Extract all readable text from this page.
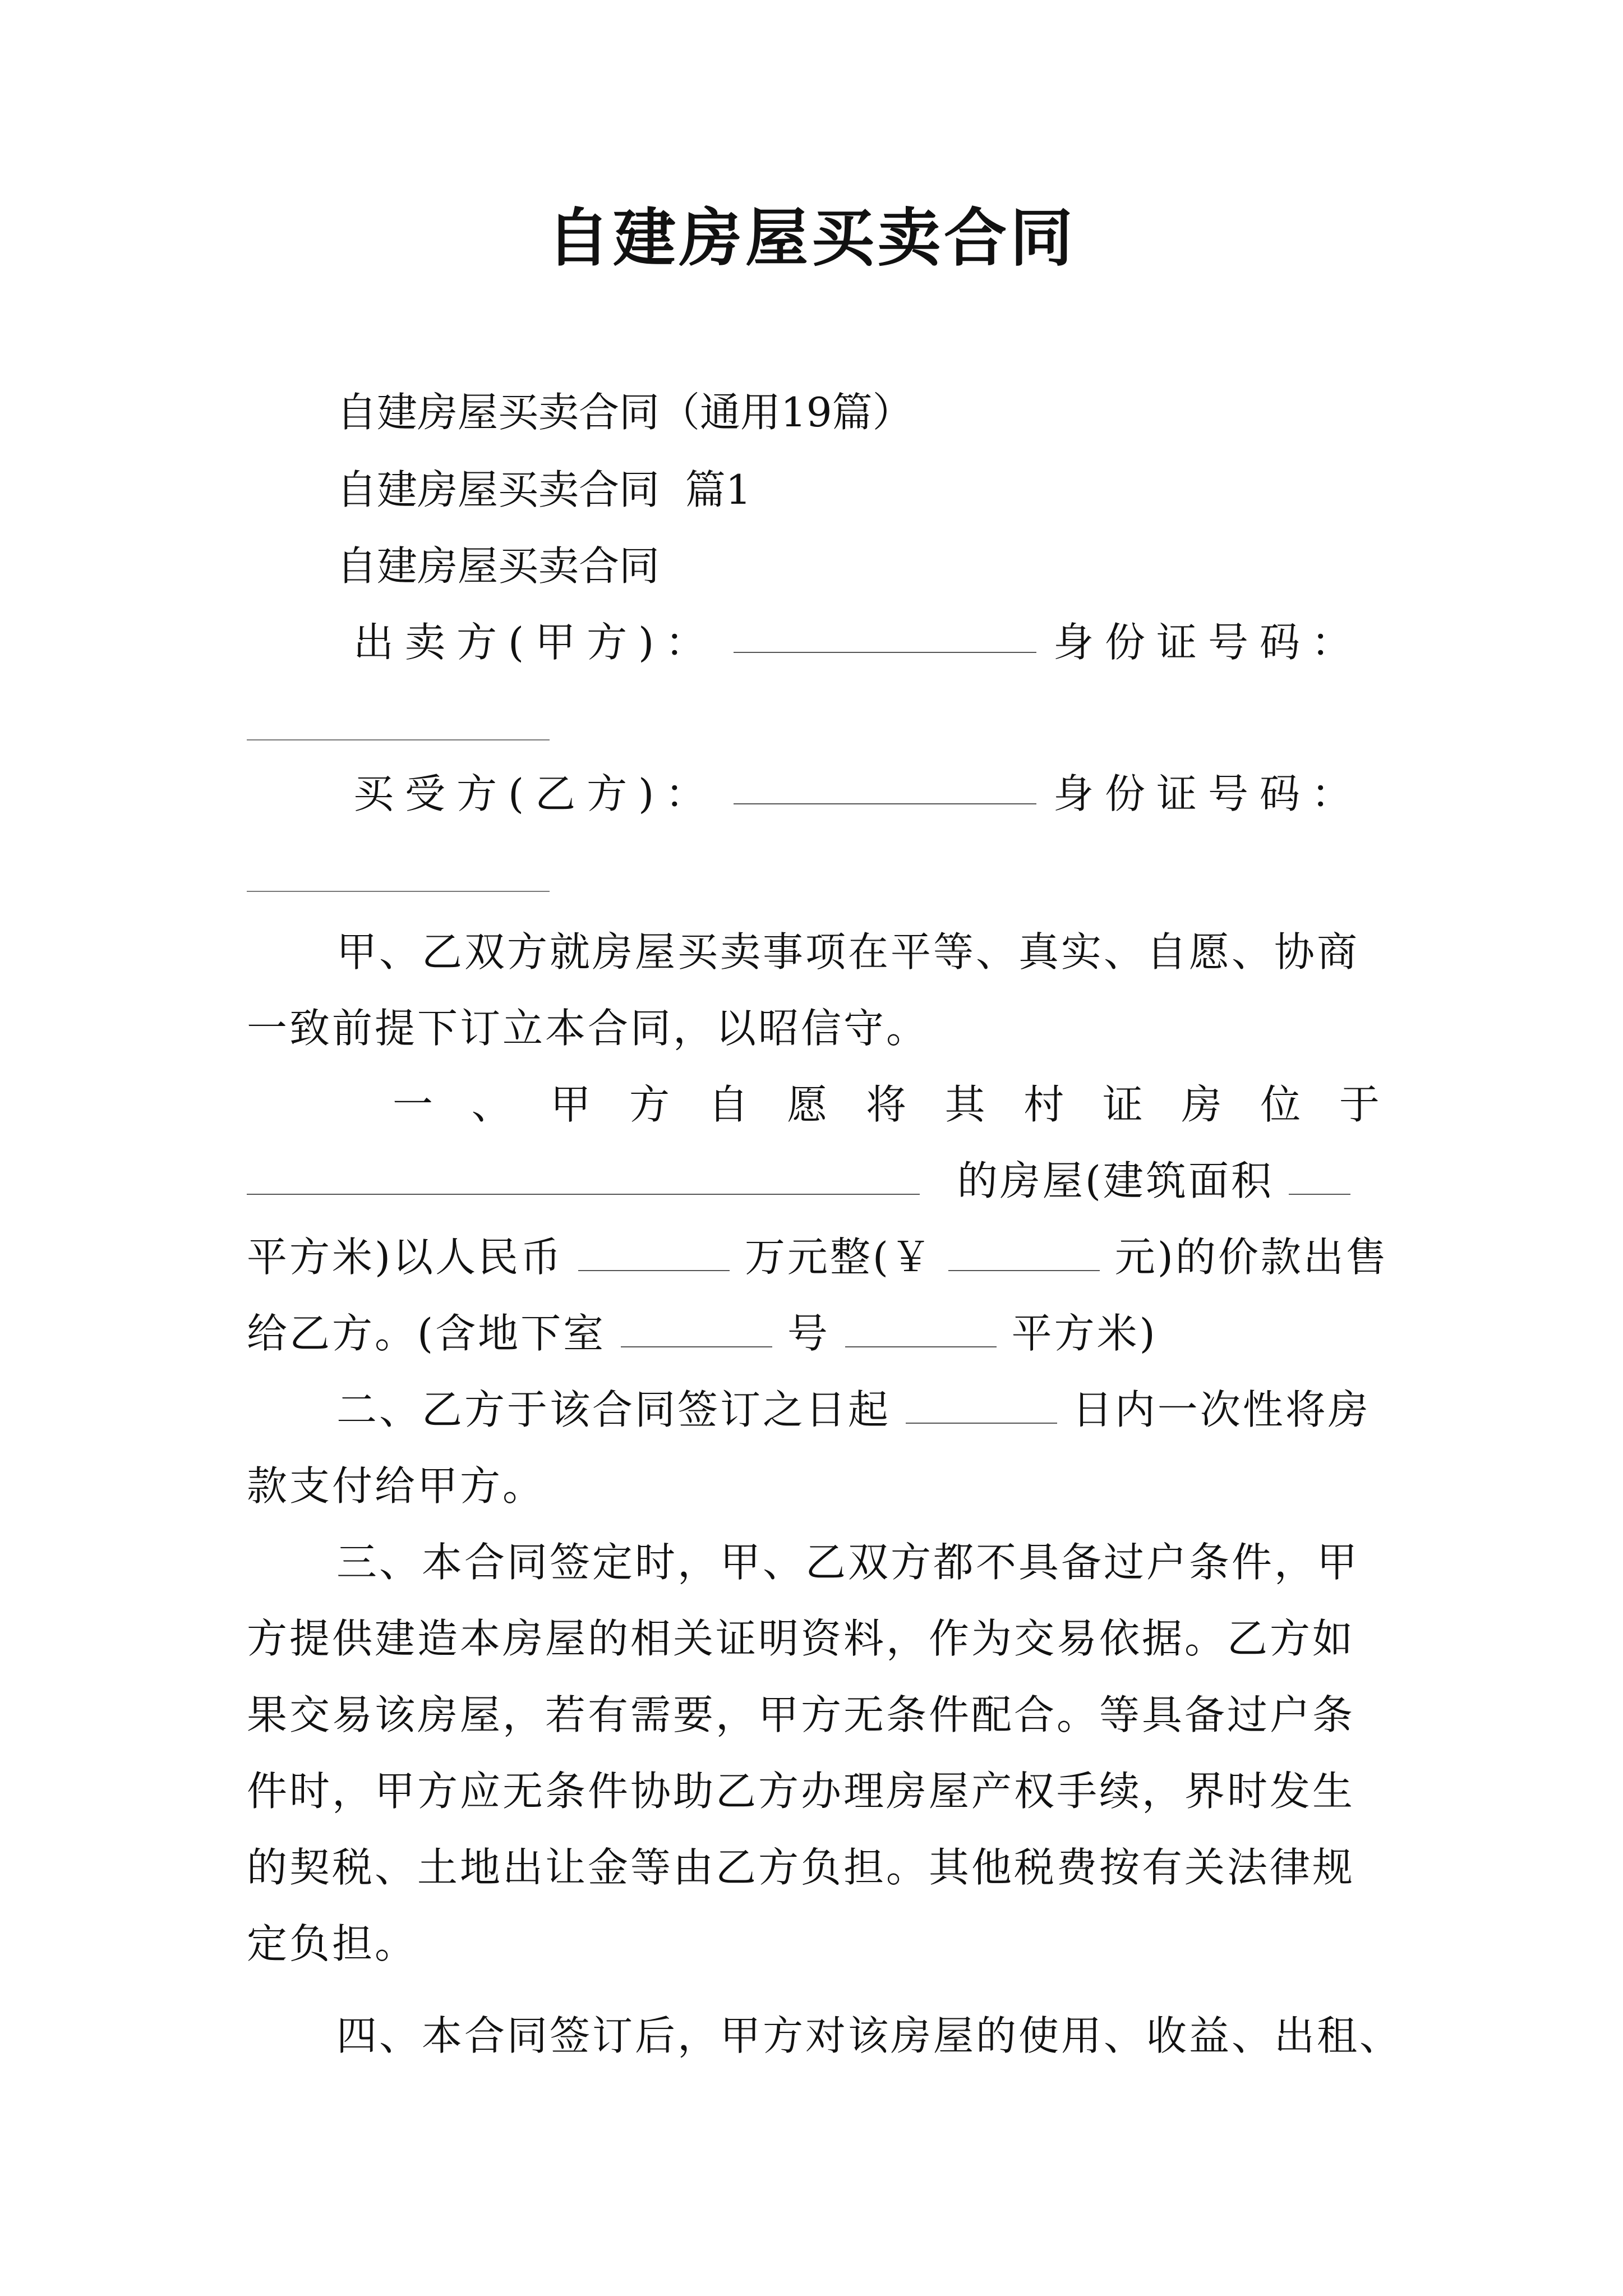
自建房屋买卖合同
自建房屋买卖合同（通用19篇）
自建房屋买卖合同  篇1
自建房屋买卖合同
出卖方(甲方)：	身份证号码：
买受方(乙方)：	身份证号码：
甲、乙双方就房屋买卖事项在平等、真实、自愿、协商
一致前提下订立本合同，以昭信守。
一 、 甲 方 自 愿 将 其 村 证 房 位 于
的房屋(建筑面积
平方米)以人民币	万元整(￥	元)的价款出售
给乙方。(含地下室	号	平方米)
二、乙方于该合同签订之日起	日内一次性将房
款支付给甲方。
三、本合同签定时，甲、乙双方都不具备过户条件，甲
方提供建造本房屋的相关证明资料，作为交易依据。乙方如
果交易该房屋，若有需要，甲方无条件配合。等具备过户条
件时，甲方应无条件协助乙方办理房屋产权手续，界时发生
的契税、土地出让金等由乙方负担。其他税费按有关法律规
定负担。
四、本合同签订后，甲方对该房屋的使用、收益、出租、
